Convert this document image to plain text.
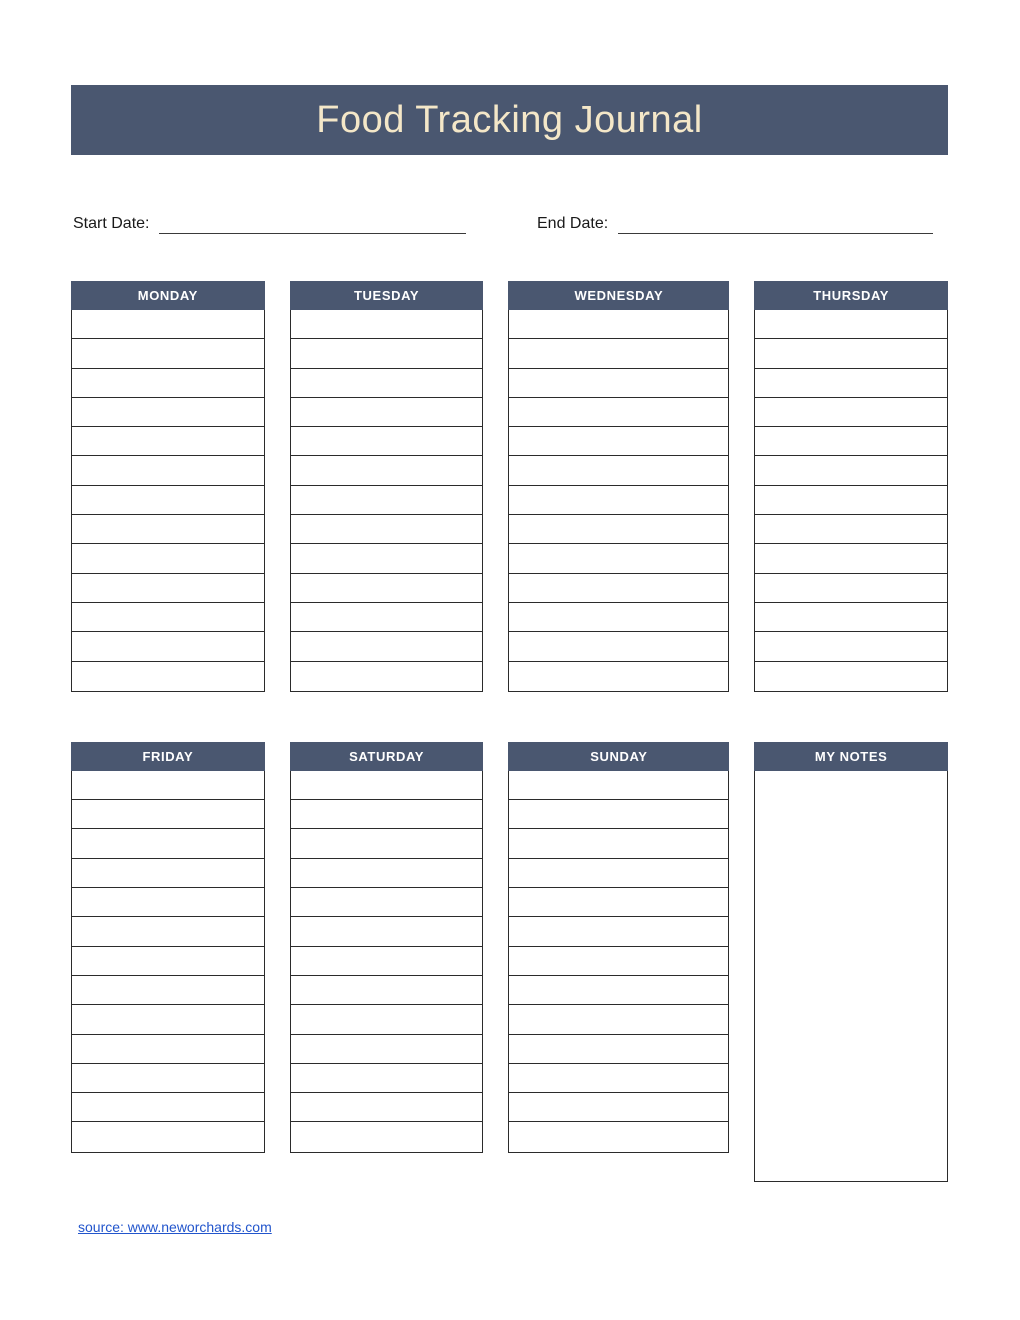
Food Tracking Journal
Start Date:	End Date:
MONDAY	TUESDAY	WEDNESDAY	THURSDAY
FRIDAY	SATURDAY	SUNDAY	MY NOTES
source: www.neworchards.com
